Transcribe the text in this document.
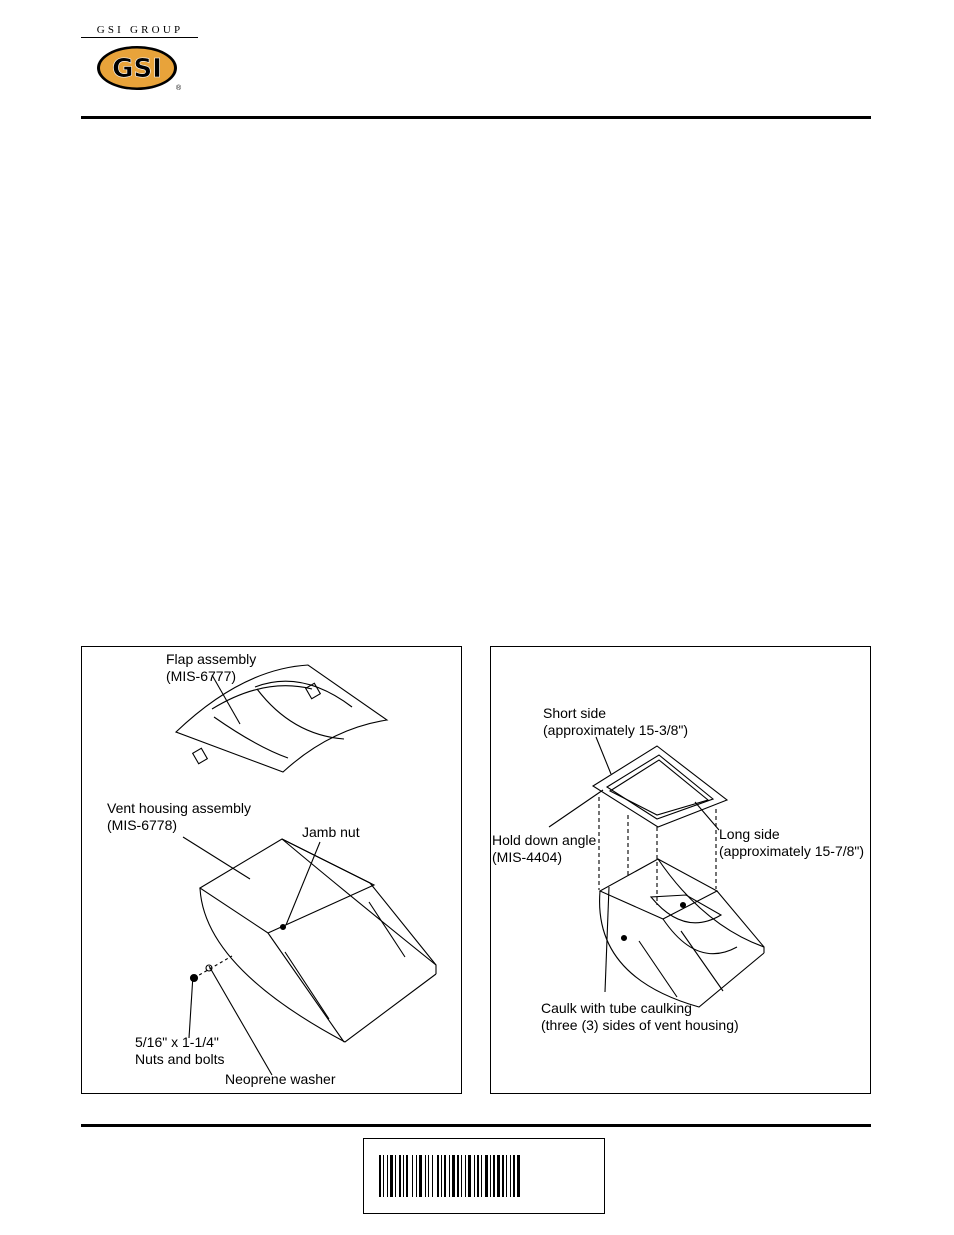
GSI GROUP
GSI
®
Flap assembly
(MIS-6777)
Vent housing assembly
(MIS-6778)	Jamb nut
5/16" x 1-1/4"
Nuts and bolts
Neoprene washer
Short side
(approximately 15-3/8")
Hold down angle
(MIS-4404)
Long side
(approximately 15-7/8")
Caulk with tube caulking
(three (3) sides of vent housing)
